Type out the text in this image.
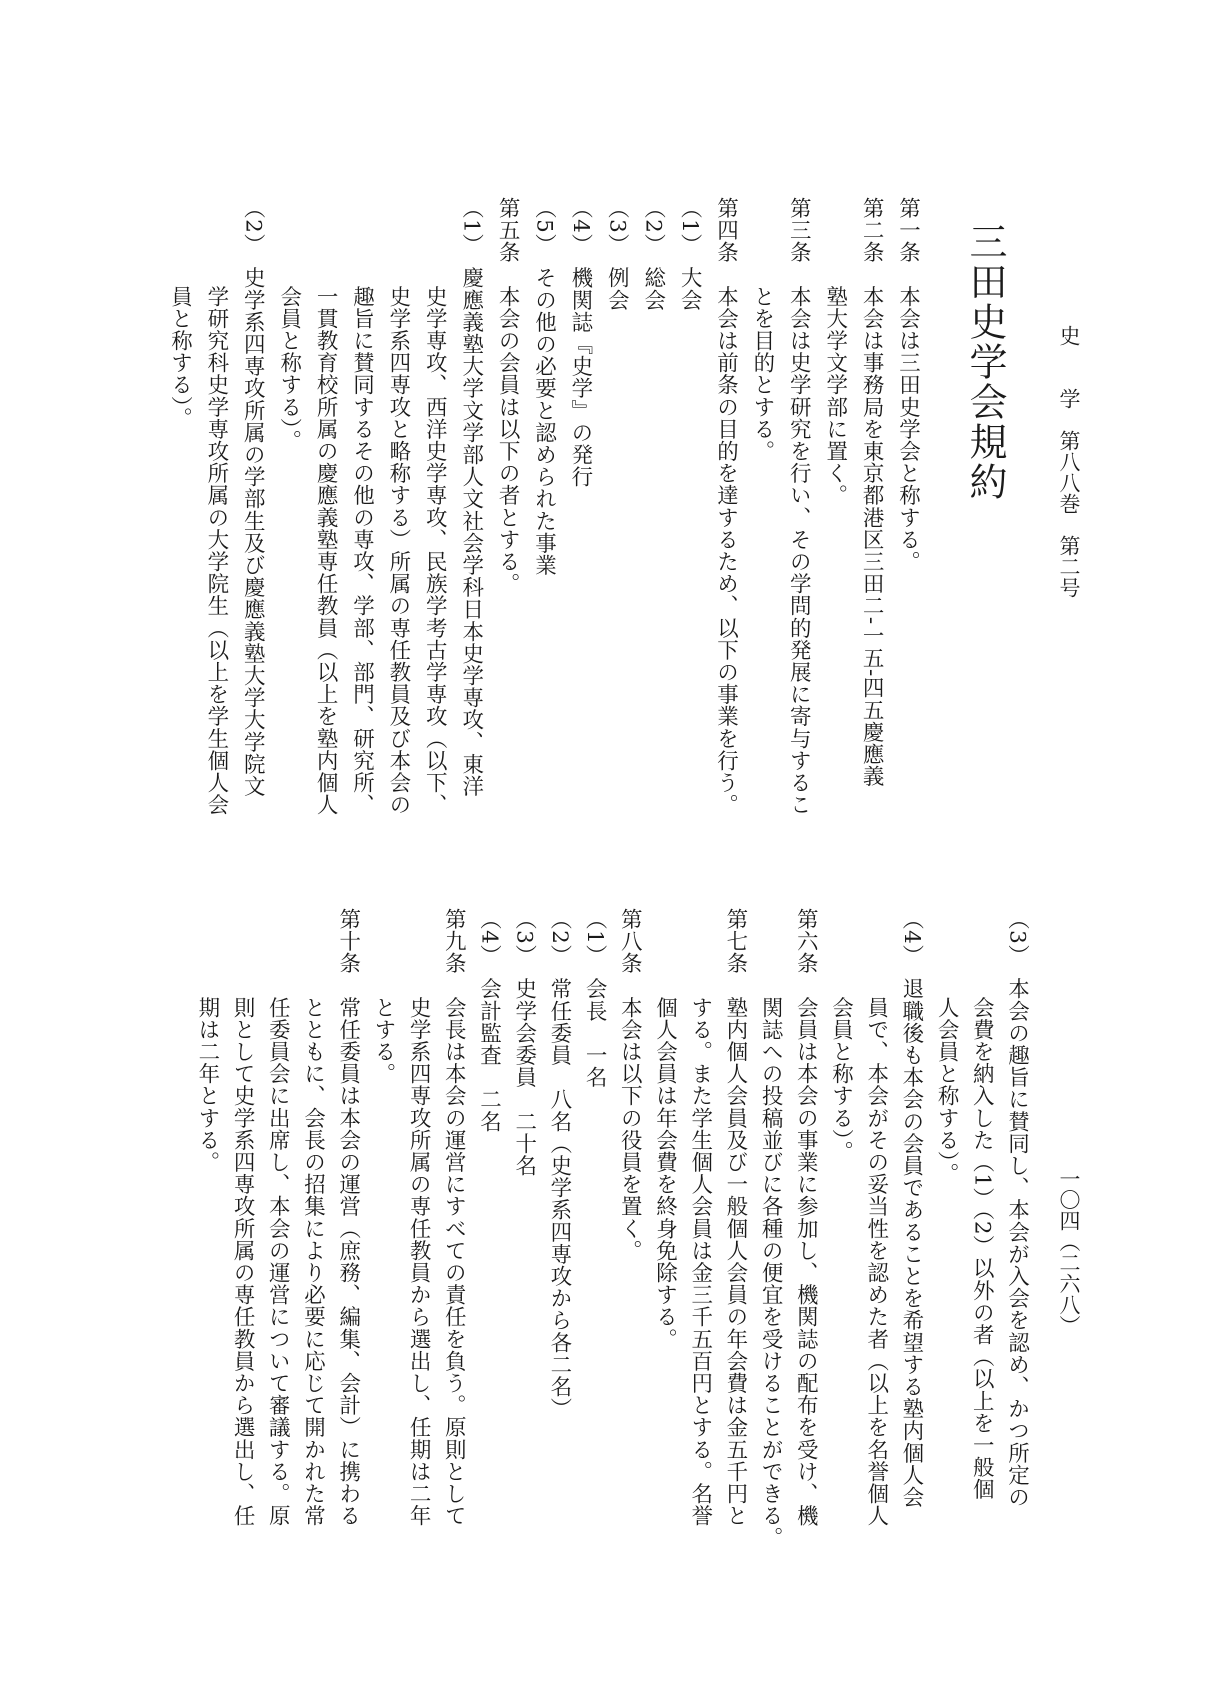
史　　学　第八八巻　第二号
一〇四（二六八）
三田史学会規約
第一条　本会は三田史学会と称する。
第二条　本会は事務局を東京都港区三田二‐一五‐四五慶應義
　　　　塾大学文学部に置く。
第三条　本会は史学研究を行い、その学問的発展に寄与するこ
　　　　とを目的とする。
第四条　本会は前条の目的を達するため、以下の事業を行う。
（1）　大会
（2）　総会
（3）　例会
（4）　機関誌『史学』の発行
（5）　その他の必要と認められた事業
第五条　本会の会員は以下の者とする。
（1）　慶應義塾大学文学部人文社会学科日本史学専攻、東洋
　　　　史学専攻、西洋史学専攻、民族学考古学専攻（以下、
　　　　史学系四専攻と略称する）所属の専任教員及び本会の
　　　　趣旨に賛同するその他の専攻、学部、部門、研究所、
　　　　一貫教育校所属の慶應義塾専任教員（以上を塾内個人
　　　　会員と称する）。
（2）　史学系四専攻所属の学部生及び慶應義塾大学大学院文
　　　　学研究科史学専攻所属の大学院生（以上を学生個人会
　　　　員と称する）。
（3）　本会の趣旨に賛同し、本会が入会を認め、かつ所定の
　　　　会費を納入した（1）（2）以外の者（以上を一般個
　　　　人会員と称する）。
（4）　退職後も本会の会員であることを希望する塾内個人会
　　　　員で、本会がその妥当性を認めた者（以上を名誉個人
　　　　会員と称する）。
第六条　会員は本会の事業に参加し、機関誌の配布を受け、機
　　　　関誌への投稿並びに各種の便宜を受けることができる。
第七条　塾内個人会員及び一般個人会員の年会費は金五千円と
　　　　する。また学生個人会員は金三千五百円とする。名誉
　　　　個人会員は年会費を終身免除する。
第八条　本会は以下の役員を置く。
（1）　会長　一名
（2）　常任委員　八名（史学系四専攻から各二名）
（3）　史学会委員　二十名
（4）　会計監査　二名
第九条　会長は本会の運営にすべての責任を負う。原則として
　　　　史学系四専攻所属の専任教員から選出し、任期は二年
　　　　とする。
第十条　常任委員は本会の運営（庶務、編集、会計）に携わる
　　　　とともに、会長の招集により必要に応じて開かれた常
　　　　任委員会に出席し、本会の運営について審議する。原
　　　　則として史学系四専攻所属の専任教員から選出し、任
　　　　期は二年とする。
